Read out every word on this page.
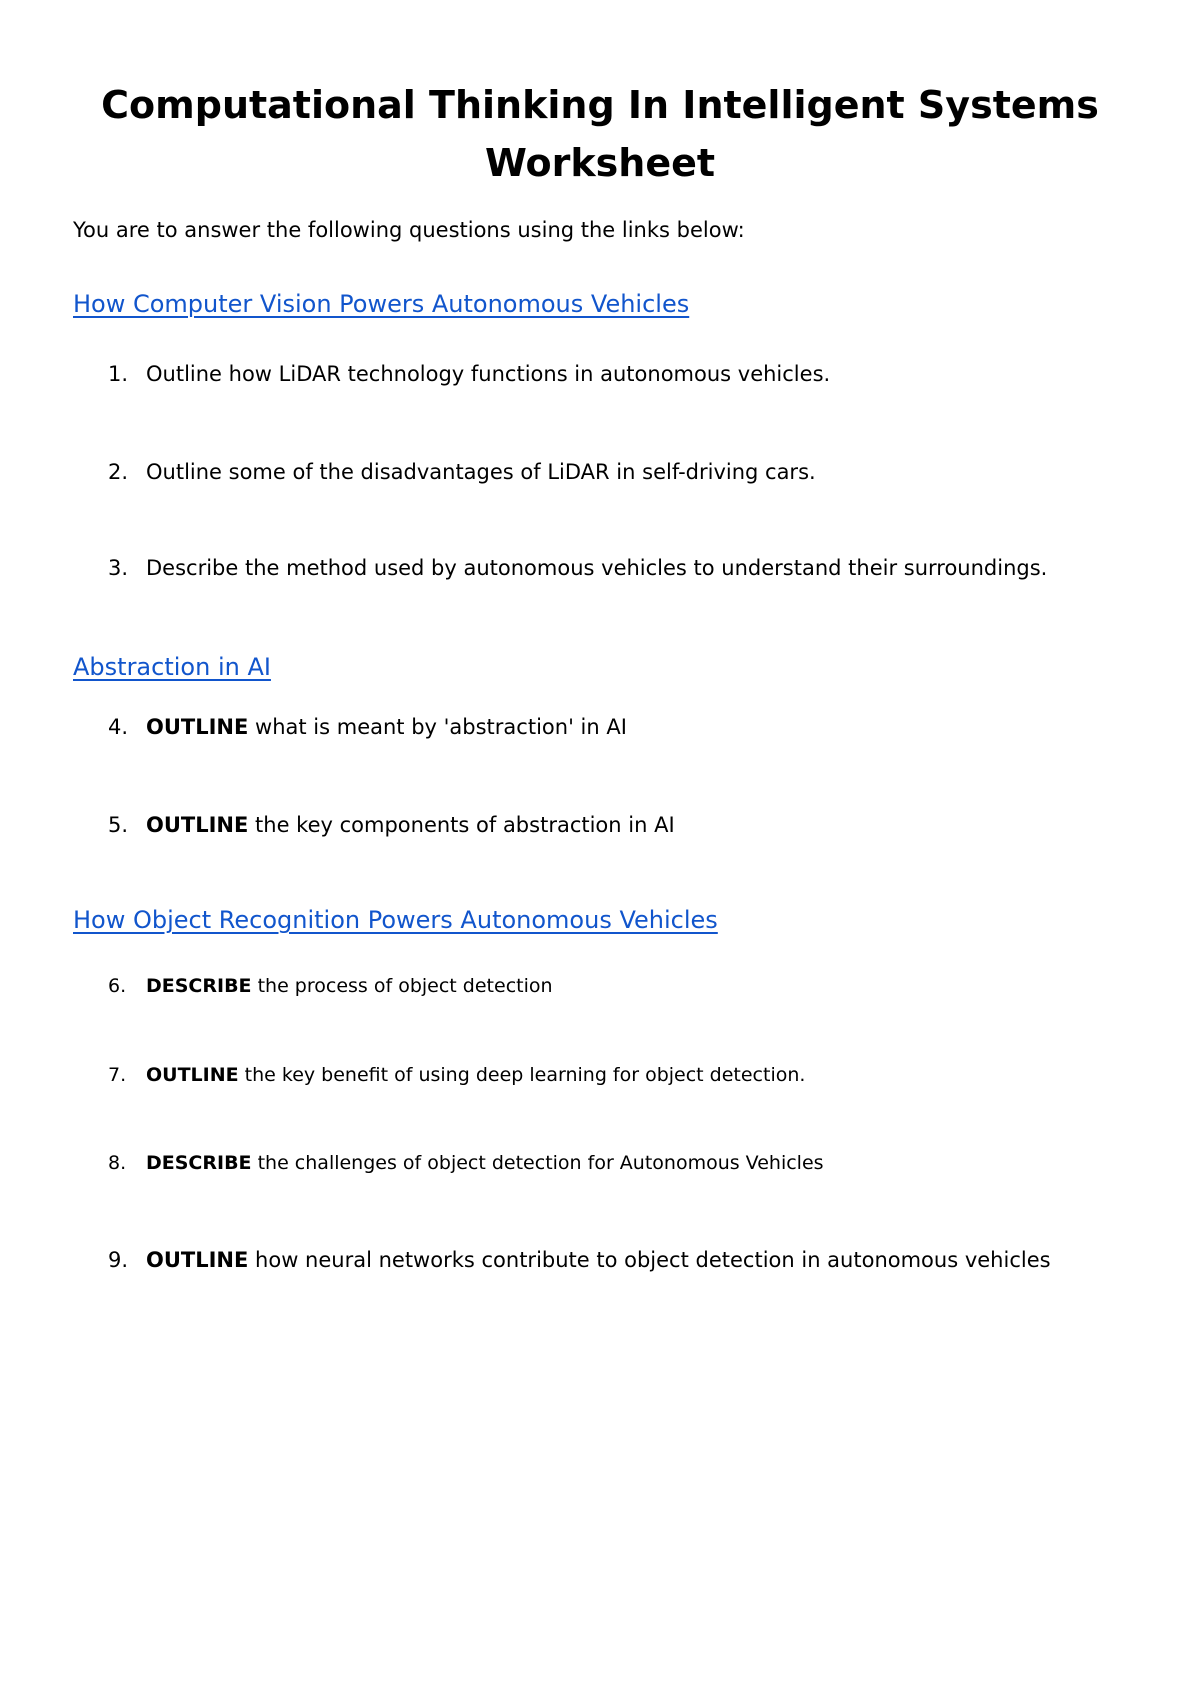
Computational Thinking In Intelligent Systems
Worksheet

You are to answer the following questions using the links below:

How Computer Vision Powers Autonomous Vehicles

1. Outline how LiDAR technology functions in autonomous vehicles.

2. Outline some of the disadvantages of LiDAR in self-driving cars.

3. Describe the method used by autonomous vehicles to understand their surroundings.

Abstraction in AI

4. OUTLINE what is meant by 'abstraction' in AI

5. OUTLINE the key components of abstraction in AI

How Object Recognition Powers Autonomous Vehicles

6. DESCRIBE the process of object detection

7. OUTLINE the key benefit of using deep learning for object detection.

8. DESCRIBE the challenges of object detection for Autonomous Vehicles

9. OUTLINE how neural networks contribute to object detection in autonomous vehicles
